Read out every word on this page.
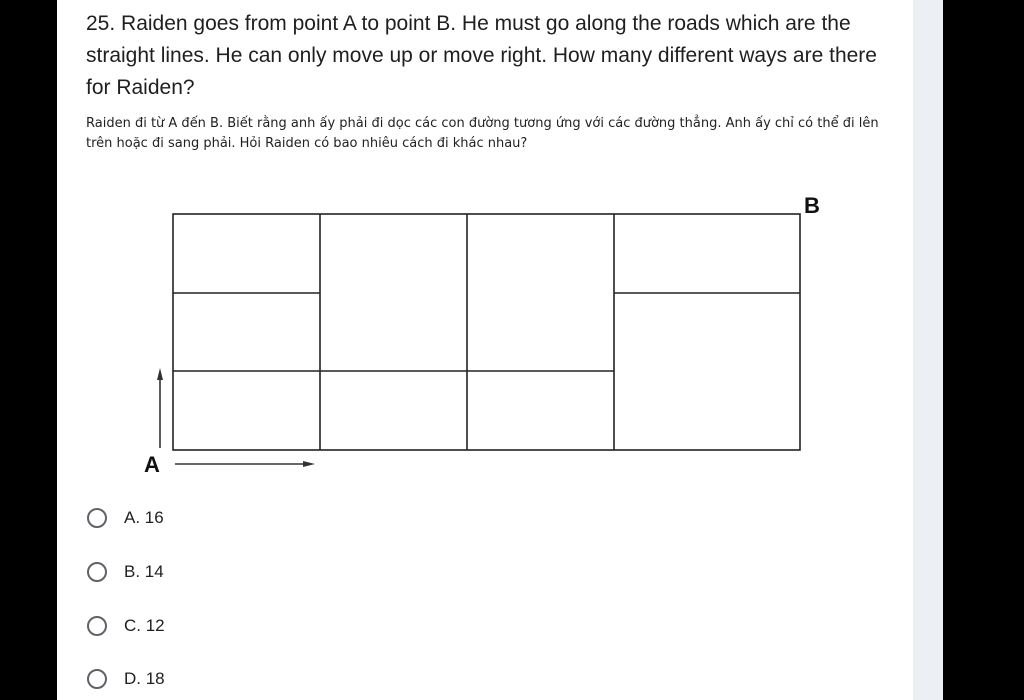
25. Raiden goes from point A to point B. He must go along the roads which are the straight lines. He can only move up or move right. How many different ways are there for Raiden?

Raiden đi từ A đến B. Biết rằng anh ấy phải đi dọc các con đường tương ứng với các đường thẳng. Anh ấy chỉ có thể đi lên trên hoặc đi sang phải. Hỏi Raiden có bao nhiêu cách đi khác nhau?

A
B
A. 16
B. 14
C. 12
D. 18
